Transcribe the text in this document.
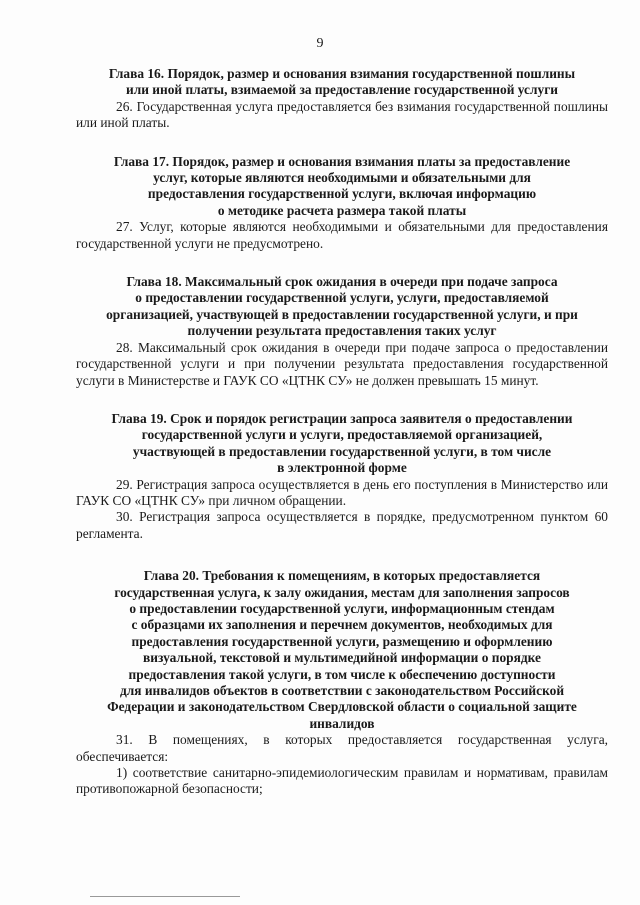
9
Глава 16. Порядок, размер и основания взимания государственной пошлины
или иной платы, взимаемой за предоставление государственной услуги

26. Государственная услуга предоставляется без взимания государственной пошлины или иной платы.

Глава 17. Порядок, размер и основания взимания платы за предоставление
услуг, которые являются необходимыми и обязательными для
предоставления государственной услуги, включая информацию
о методике расчета размера такой платы

27. Услуг, которые являются необходимыми и обязательными для предоставления государственной услуги не предусмотрено.

Глава 18. Максимальный срок ожидания в очереди при подаче запроса
о предоставлении государственной услуги, услуги, предоставляемой
организацией, участвующей в предоставлении государственной услуги, и при
получении результата предоставления таких услуг

28. Максимальный срок ожидания в очереди при подаче запроса о предоставлении государственной услуги и при получении результата предоставления государственной услуги в Министерстве и ГАУК СО «ЦТНК СУ» не должен превышать 15 минут.

Глава 19. Срок и порядок регистрации запроса заявителя о предоставлении
государственной услуги и услуги, предоставляемой организацией,
участвующей в предоставлении государственной услуги, в том числе
в электронной форме

29. Регистрация запроса осуществляется в день его поступления в Министерство или ГАУК СО «ЦТНК СУ» при личном обращении.

30. Регистрация запроса осуществляется в порядке, предусмотренном пунктом 60 регламента.

Глава 20. Требования к помещениям, в которых предоставляется
государственная услуга, к залу ожидания, местам для заполнения запросов
о предоставлении государственной услуги, информационным стендам
с образцами их заполнения и перечнем документов, необходимых для
предоставления государственной услуги, размещению и оформлению
визуальной, текстовой и мультимедийной информации о порядке
предоставления такой услуги, в том числе к обеспечению доступности
для инвалидов объектов в соответствии с законодательством Российской
Федерации и законодательством Свердловской области о социальной защите
инвалидов

31. В помещениях, в которых предоставляется государственная услуга, обеспечивается:

1) соответствие санитарно-эпидемиологическим правилам и нормативам, правилам противопожарной безопасности;
